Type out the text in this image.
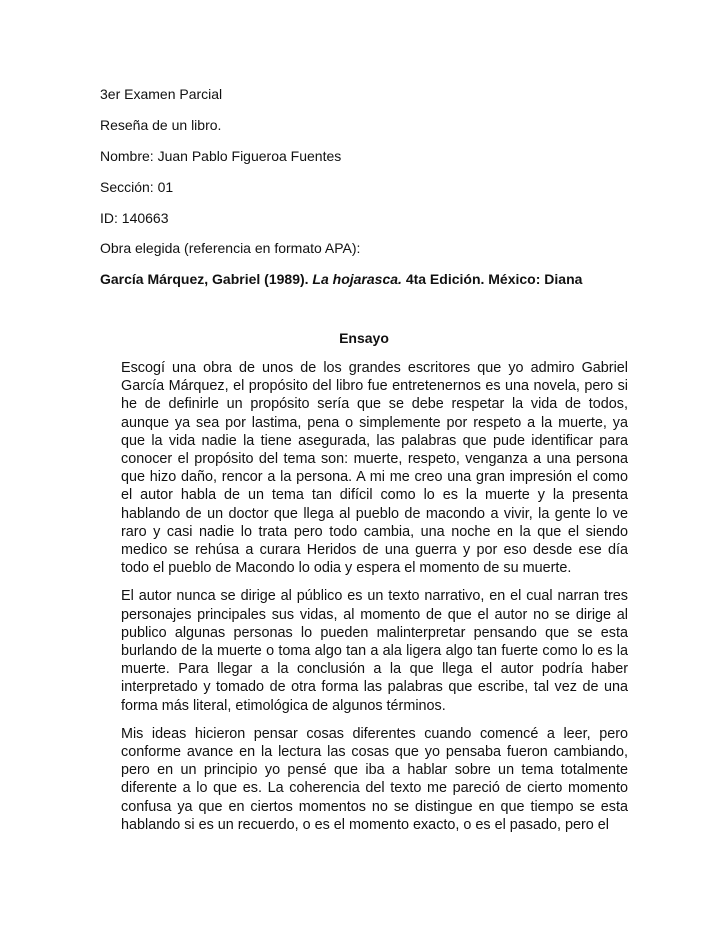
3er Examen Parcial
Reseña de un libro.
Nombre: Juan Pablo Figueroa Fuentes
Sección: 01
ID: 140663
Obra elegida (referencia en formato APA):
García Márquez, Gabriel (1989). La hojarasca. 4ta Edición. México: Diana
Ensayo

Escogí una obra de unos de los grandes escritores que yo admiro Gabriel García Márquez, el propósito del libro fue entretenernos es una novela, pero si he de definirle un propósito sería que se debe respetar la vida de todos, aunque ya sea por lastima, pena o simplemente por respeto a la muerte, ya que la vida nadie la tiene asegurada, las palabras que pude identificar para conocer el propósito del tema son: muerte, respeto, venganza a una persona que hizo daño, rencor a la persona. A mi me creo una gran impresión el como el autor habla de un tema tan difícil como lo es la muerte y la presenta hablando de un doctor que llega al pueblo de macondo a vivir, la gente lo ve raro y casi nadie lo trata pero todo cambia, una noche en la que el siendo medico se rehúsa a curara Heridos de una guerra y por eso desde ese día todo el pueblo de Macondo lo odia y espera el momento de su muerte.

El autor nunca se dirige al público es un texto narrativo, en el cual narran tres personajes principales sus vidas, al momento de que el autor no se dirige al publico algunas personas lo pueden malinterpretar pensando que se esta burlando de la muerte o toma algo tan a ala ligera algo tan fuerte como lo es la muerte. Para llegar a la conclusión a la que llega el autor podría haber interpretado y tomado de otra forma las palabras que escribe, tal vez de una forma más literal, etimológica de algunos términos.

Mis ideas hicieron pensar cosas diferentes cuando comencé a leer, pero conforme avance en la lectura las cosas que yo pensaba fueron cambiando, pero en un principio yo pensé que iba a hablar sobre un tema totalmente diferente a lo que es. La coherencia del texto me pareció de cierto momento confusa ya que en ciertos momentos no se distingue en que tiempo se esta hablando si es un recuerdo, o es el momento exacto, o es el pasado, pero el
